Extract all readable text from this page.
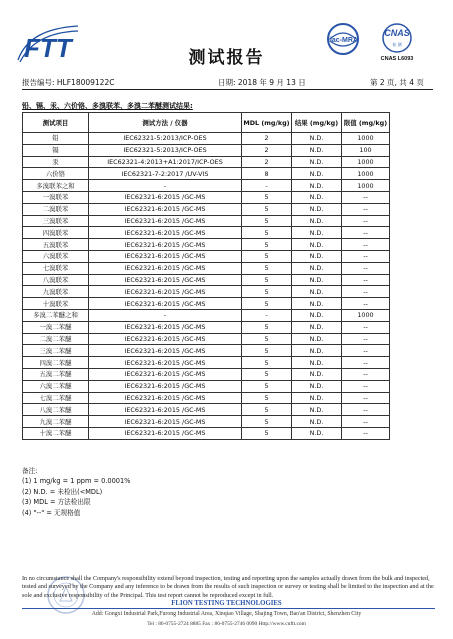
FTT	测试报告
ilac-MRA
CNAS
检 测
CNAS L6093
报告编号: HLF18009122C	日期: 2018 年 9 月 13 日	第 2 页, 共 4 页
铅、镉、汞、六价铬、多溴联苯、多溴二苯醚测试结果:
测试项目	测试方法 / 仪器	MDL (mg/kg)	结果 (mg/kg)	限值 (mg/kg)
铅	IEC62321-5:2013/ICP-OES	2	N.D.	1000
镉	IEC62321-5:2013/ICP-OES	2	N.D.	100
汞	IEC62321-4:2013+A1:2017/ICP-OES	2	N.D.	1000
六价铬	IEC62321-7-2:2017 /UV-VIS	8	N.D.	1000
多溴联苯之和	-	-	N.D.	1000
一溴联苯	IEC62321-6:2015 /GC-MS	5	N.D.	--
二溴联苯	IEC62321-6:2015 /GC-MS	5	N.D.	--
三溴联苯	IEC62321-6:2015 /GC-MS	5	N.D.	--
四溴联苯	IEC62321-6:2015 /GC-MS	5	N.D.	--
五溴联苯	IEC62321-6:2015 /GC-MS	5	N.D.	--
六溴联苯	IEC62321-6:2015 /GC-MS	5	N.D.	--
七溴联苯	IEC62321-6:2015 /GC-MS	5	N.D.	--
八溴联苯	IEC62321-6:2015 /GC-MS	5	N.D.	--
九溴联苯	IEC62321-6:2015 /GC-MS	5	N.D.	--
十溴联苯	IEC62321-6:2015 /GC-MS	5	N.D.	--
多溴二苯醚之和	-	-	N.D.	1000
一溴二苯醚	IEC62321-6:2015 /GC-MS	5	N.D.	--
二溴二苯醚	IEC62321-6:2015 /GC-MS	5	N.D.	--
三溴二苯醚	IEC62321-6:2015 /GC-MS	5	N.D.	--
四溴二苯醚	IEC62321-6:2015 /GC-MS	5	N.D.	--
五溴二苯醚	IEC62321-6:2015 /GC-MS	5	N.D.	--
六溴二苯醚	IEC62321-6:2015 /GC-MS	5	N.D.	--
七溴二苯醚	IEC62321-6:2015 /GC-MS	5	N.D.	--
八溴二苯醚	IEC62321-6:2015 /GC-MS	5	N.D.	--
九溴二苯醚	IEC62321-6:2015 /GC-MS	5	N.D.	--
十溴二苯醚	IEC62321-6:2015 /GC-MS	5	N.D.	--
备注:
(1) 1 mg/kg = 1 ppm = 0.0001%
(2) N.D. = 未检出(<MDL)
(3) MDL = 方法检出限
(4) "--" = 无规格值
In no circumstance shall the Company's responsibility extend beyond inspection, testing and reporting upon the samples actually drawn from the bulk and inspected, tested and surveyed by the Company and any inference to be drawn from the results of such inspection or survey or testing shall be limited to the inspection and at the sole and exclusive responsibility of the Principal. This test report cannot be reproduced except in full.
FLION TESTING TECHNOLOGIES
Add: Gongxi Industrial Park,Furong Industrial Area, Xinqiao Village, Shajing Town, Bao'an District, Shenzhen City
Tel : 86-0755-2724 8885 Fax : 86-0755-2746 0090 Http://www.cnftt.com
